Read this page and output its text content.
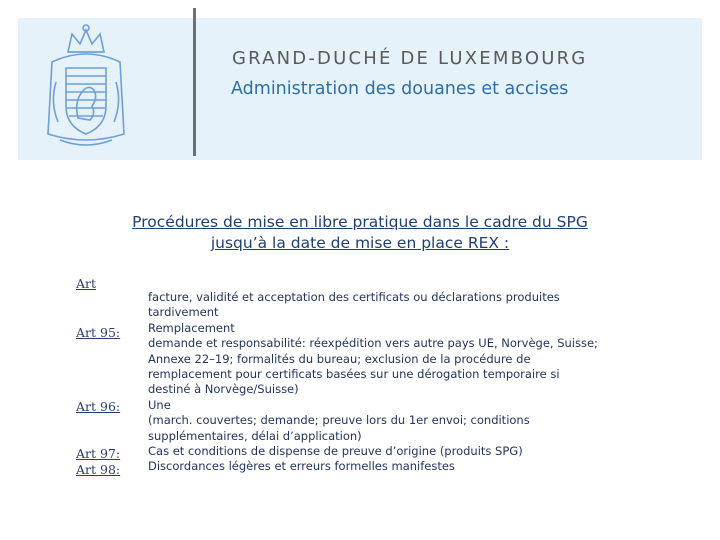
GRAND-DUCHÉ DE LUXEMBOURG
Administration des douanes et accises
Procédures de mise en libre pratique dans le cadre du SPG
jusqu’à la date de mise en place REX :
Art
Art 95:
Art 96:
Art 97:
Art 98:
facture, validité et acceptation des certificats ou déclarations produites
tardivement
Remplacement
demande et responsabilité: réexpédition vers autre pays UE, Norvège, Suisse;
Annexe 22–19; formalités du bureau; exclusion de la procédure de
remplacement pour certificats basées sur une dérogation temporaire si
destiné à Norvège/Suisse)
Une
(march. couvertes; demande; preuve lors du 1er envoi; conditions
supplémentaires, délai d’application)
Cas et conditions de dispense de preuve d’origine (produits SPG)
Discordances légères et erreurs formelles manifestes
